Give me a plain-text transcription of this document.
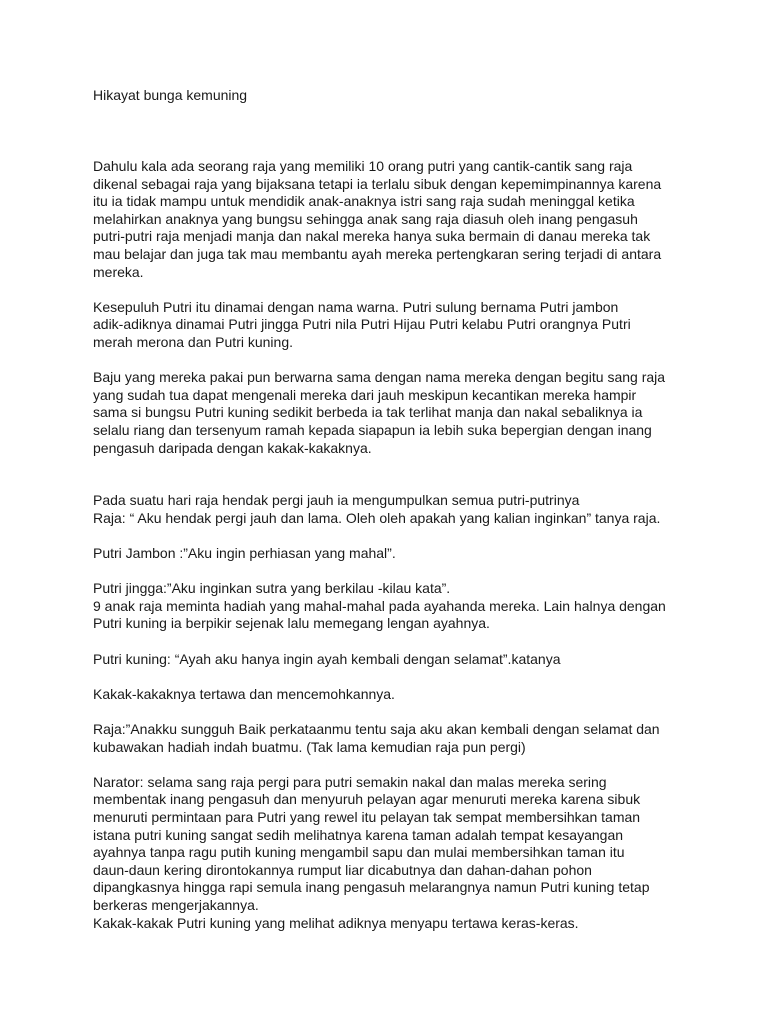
Hikayat bunga kemuning

Dahulu kala ada seorang raja yang memiliki 10 orang putri yang cantik-cantik sang raja
dikenal sebagai raja yang bijaksana tetapi ia terlalu sibuk dengan kepemimpinannya karena
itu ia tidak mampu untuk mendidik anak-anaknya istri sang raja sudah meninggal ketika
melahirkan anaknya yang bungsu sehingga anak sang raja diasuh oleh inang pengasuh
putri-putri raja menjadi manja dan nakal mereka hanya suka bermain di danau mereka tak
mau belajar dan juga tak mau membantu ayah mereka pertengkaran sering terjadi di antara
mereka.

Kesepuluh Putri itu dinamai dengan nama warna. Putri sulung bernama Putri jambon
adik-adiknya dinamai Putri jingga Putri nila Putri Hijau Putri kelabu Putri orangnya Putri
merah merona dan Putri kuning.

Baju yang mereka pakai pun berwarna sama dengan nama mereka dengan begitu sang raja
yang sudah tua dapat mengenali mereka dari jauh meskipun kecantikan mereka hampir
sama si bungsu Putri kuning sedikit berbeda ia tak terlihat manja dan nakal sebaliknya ia
selalu riang dan tersenyum ramah kepada siapapun ia lebih suka bepergian dengan inang
pengasuh daripada dengan kakak-kakaknya.

Pada suatu hari raja hendak pergi jauh ia mengumpulkan semua putri-putrinya
Raja: “ Aku hendak pergi jauh dan lama. Oleh oleh apakah yang kalian inginkan” tanya raja.

Putri Jambon :”Aku ingin perhiasan yang mahal”.

Putri jingga:”Aku inginkan sutra yang berkilau -kilau kata”.
9 anak raja meminta hadiah yang mahal-mahal pada ayahanda mereka. Lain halnya dengan
Putri kuning ia berpikir sejenak lalu memegang lengan ayahnya.

Putri kuning: “Ayah aku hanya ingin ayah kembali dengan selamat”.katanya

Kakak-kakaknya tertawa dan mencemohkannya.

Raja:”Anakku sungguh Baik perkataanmu tentu saja aku akan kembali dengan selamat dan
kubawakan hadiah indah buatmu. (Tak lama kemudian raja pun pergi)

Narator: selama sang raja pergi para putri semakin nakal dan malas mereka sering
membentak inang pengasuh dan menyuruh pelayan agar menuruti mereka karena sibuk
menuruti permintaan para Putri yang rewel itu pelayan tak sempat membersihkan taman
istana putri kuning sangat sedih melihatnya karena taman adalah tempat kesayangan
ayahnya tanpa ragu putih kuning mengambil sapu dan mulai membersihkan taman itu
daun-daun kering dirontokannya rumput liar dicabutnya dan dahan-dahan pohon
dipangkasnya hingga rapi semula inang pengasuh melarangnya namun Putri kuning tetap
berkeras mengerjakannya.
Kakak-kakak Putri kuning yang melihat adiknya menyapu tertawa keras-keras.
